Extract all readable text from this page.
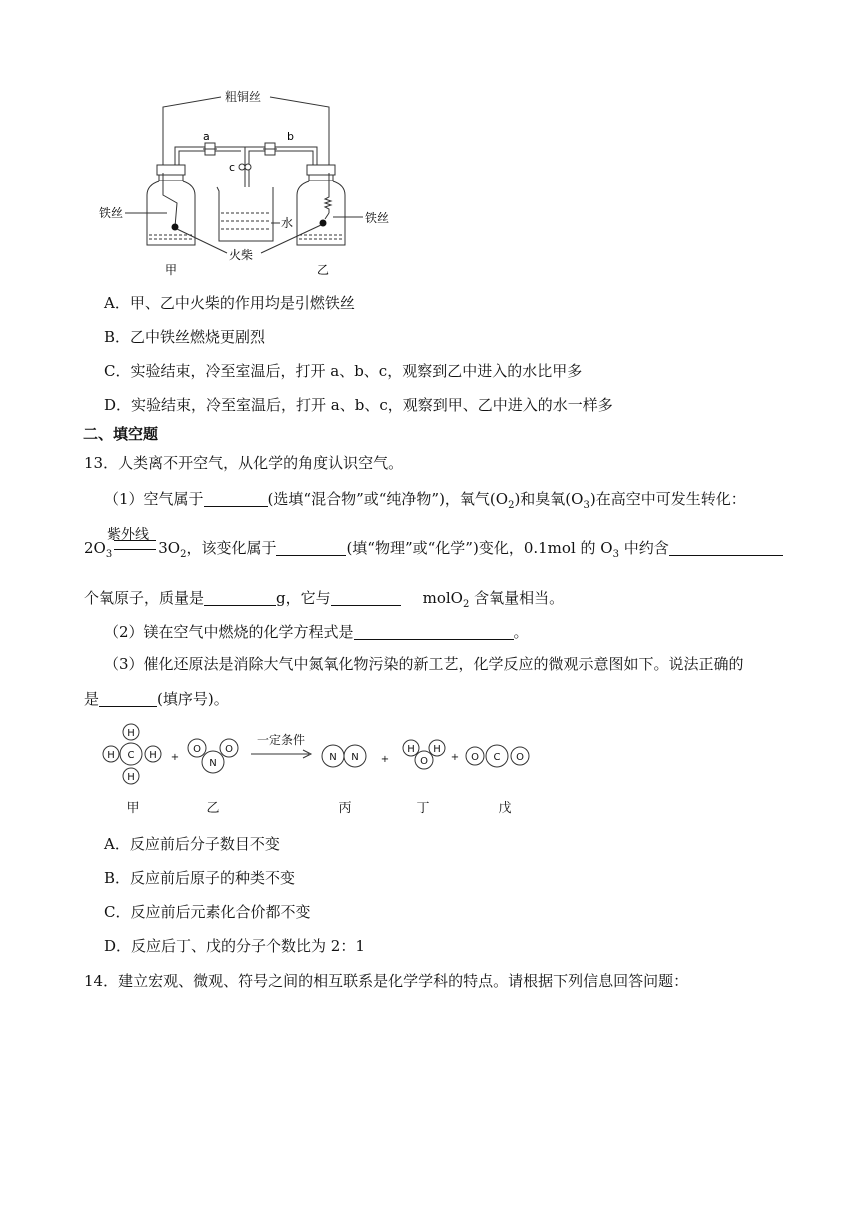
粗铜丝
a	b
c
铁丝	铁丝
水
火柴
甲	乙
A．甲、乙中火柴的作用均是引燃铁丝
B．乙中铁丝燃烧更剧烈
C．实验结束，冷至室温后，打开 a、b、c，观察到乙中进入的水比甲多
D．实验结束，冷至室温后，打开 a、b、c，观察到甲、乙中进入的水一样多
二、填空题
13．人类离不开空气，从化学的角度认识空气。
（1）空气属于	(选填“混合物”或“纯净物”)，氧气$(O_2)$和臭氧$(O_3)$在高空中可发生转化：
紫外线
$2O_3$	$3O_2$，该变化属于	(填“物理”或“化学”)变化，0.1mol 的 $O_3$ 中约含
个氧原子，质量是	g，它与	molO$_2$ 含氧量相当。
（2）镁在空气中燃烧的化学方程式是	。
（3）催化还原法是消除大气中氮氧化物污染的新工艺，化学反应的微观示意图如下。说法正确的
是	(填序号)。
H
H C H
H
+
O O
N
一定条件
N N +
H H
O + O C O
甲	乙	丙	丁	戊
A．反应前后分子数目不变
B．反应前后原子的种类不变
C．反应前后元素化合价都不变
D．反应后丁、戊的分子个数比为 2：1
14．建立宏观、微观、符号之间的相互联系是化学学科的特点。请根据下列信息回答问题：
